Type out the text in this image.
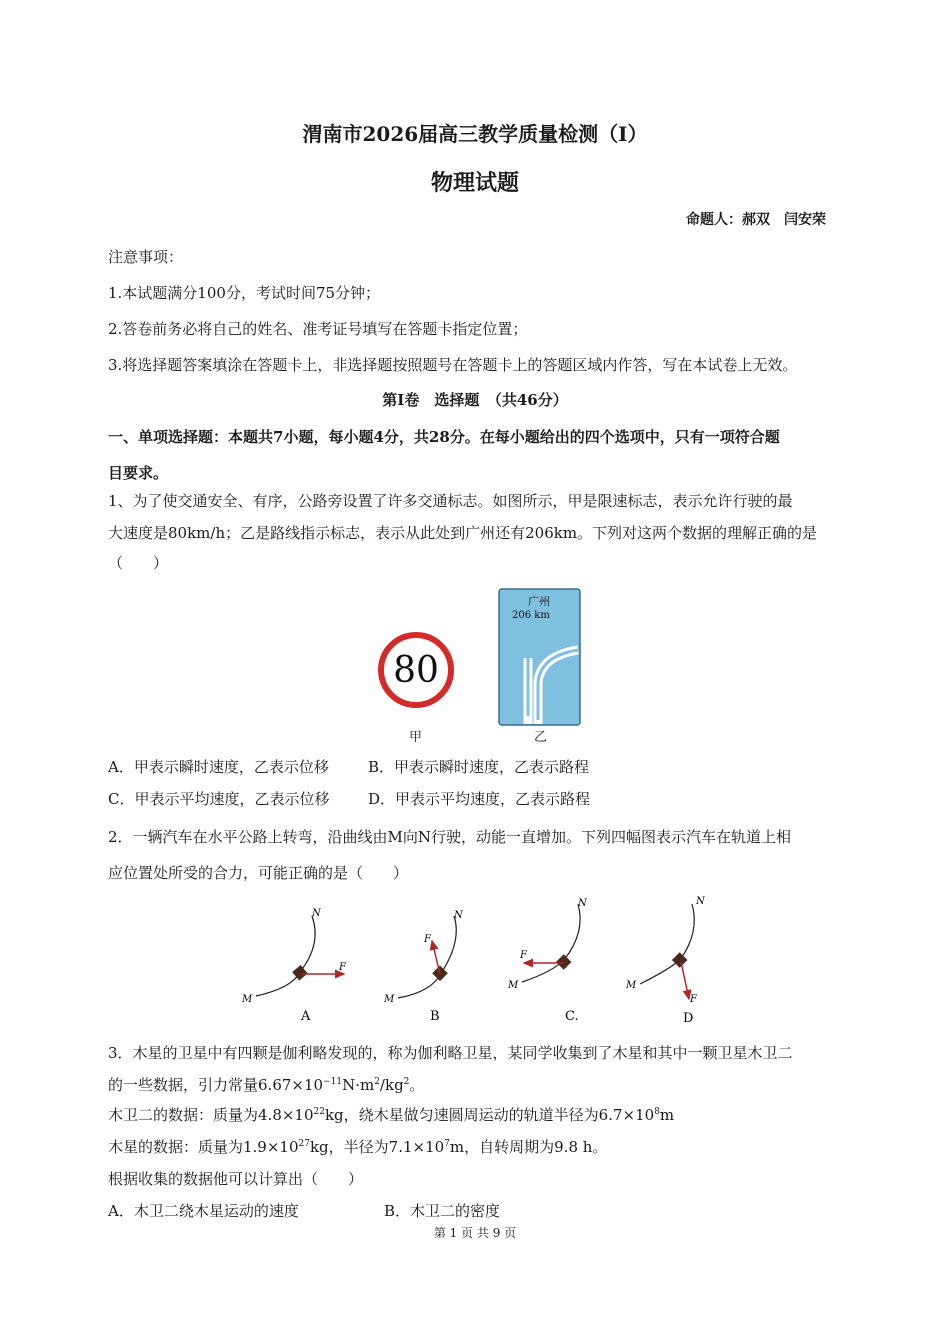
渭南市2026届高三教学质量检测（I）
物理试题
命题人：郝双　闫安荣
注意事项：
1.本试题满分100分，考试时间75分钟；
2.答卷前务必将自己的姓名、准考证号填写在答题卡指定位置；
3.将选择题答案填涂在答题卡上，非选择题按照题号在答题卡上的答题区域内作答，写在本试卷上无效。
第Ⅰ卷　选择题　（共46分）
一、单项选择题：本题共7小题，每小题4分，共28分。在每小题给出的四个选项中，只有一项符合题
目要求。
1、为了使交通安全、有序，公路旁设置了许多交通标志。如图所示，甲是限速标志，表示允许行驶的最
大速度是80km/h；乙是路线指示标志，表示从此处到广州还有206km。下列对这两个数据的理解正确的是
（　　）
80
甲
广州
206 km
乙
A．甲表示瞬时速度，乙表示位移	B．甲表示瞬时速度，乙表示路程
C．甲表示平均速度，乙表示位移	D．甲表示平均速度，乙表示路程
2．一辆汽车在水平公路上转弯，沿曲线由M向N行驶，动能一直增加。下列四幅图表示汽车在轨道上相
应位置处所受的合力，可能正确的是（　　）
M
N
F
A
M
N
F
B
M
N
F
C.
M
N
F
D
3．木星的卫星中有四颗是伽利略发现的，称为伽利略卫星，某同学收集到了木星和其中一颗卫星木卫二
的一些数据，引力常量$6.67\times 10^{-11}N\cdot m^2/kg^2$。
木卫二的数据：质量为$4.8\times 10^{22}kg$，绕木星做匀速圆周运动的轨道半径为$6.7\times 10^8m$
木星的数据：质量为$1.9\times 10^{27}kg$，半径为$7.1\times 10^7m$，自转周期为9.8 h。
根据收集的数据他可以计算出（　　）
A．木卫二绕木星运动的速度	B．木卫二的密度
第 1 页 共 9 页
